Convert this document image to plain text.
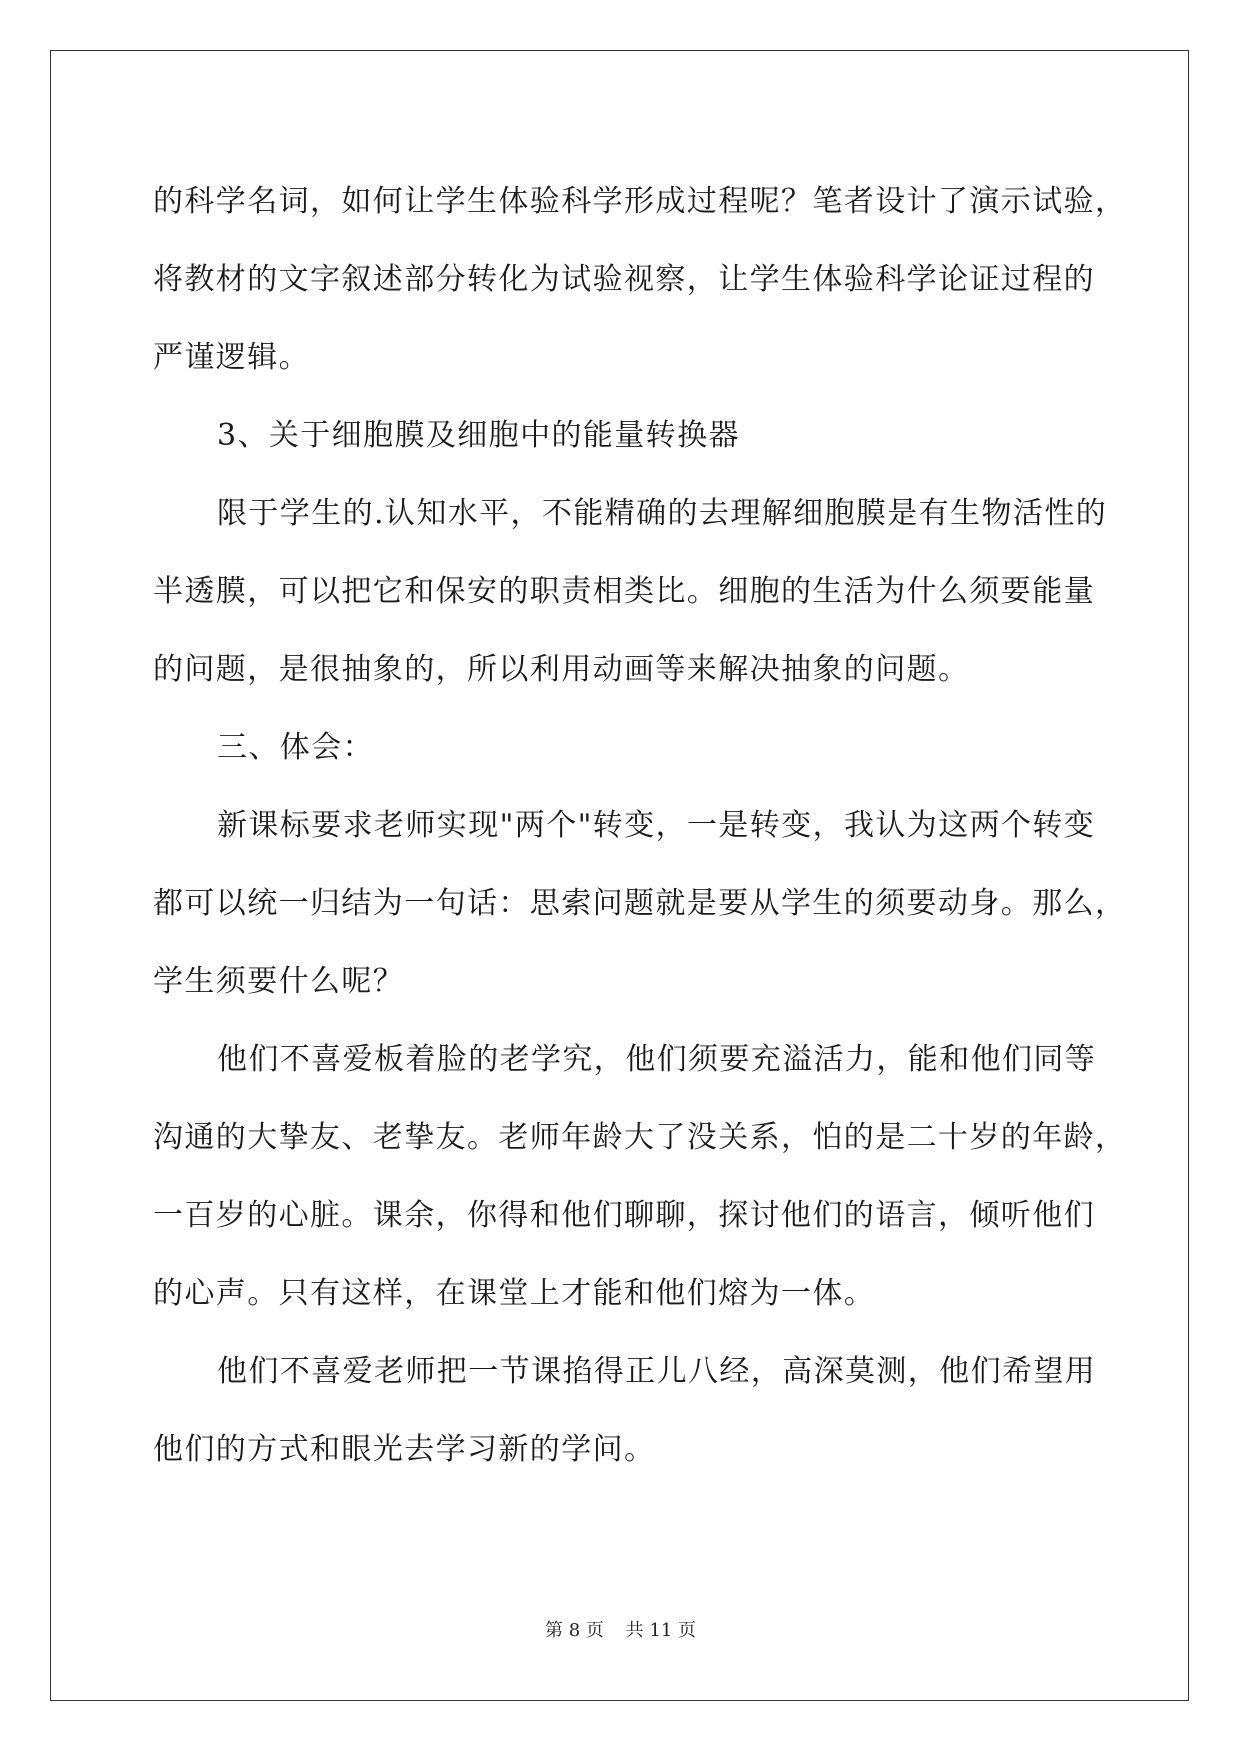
的科学名词，如何让学生体验科学形成过程呢？笔者设计了演示试验，
将教材的文字叙述部分转化为试验视察，让学生体验科学论证过程的
严谨逻辑。
3、关于细胞膜及细胞中的能量转换器
限于学生的.认知水平，不能精确的去理解细胞膜是有生物活性的
半透膜，可以把它和保安的职责相类比。细胞的生活为什么须要能量
的问题，是很抽象的，所以利用动画等来解决抽象的问题。
三、体会：
新课标要求老师实现"两个"转变，一是转变，我认为这两个转变
都可以统一归结为一句话：思索问题就是要从学生的须要动身。那么，
学生须要什么呢？
他们不喜爱板着脸的老学究，他们须要充溢活力，能和他们同等
沟通的大挚友、老挚友。老师年龄大了没关系，怕的是二十岁的年龄，
一百岁的心脏。课余，你得和他们聊聊，探讨他们的语言，倾听他们
的心声。只有这样，在课堂上才能和他们熔为一体。
他们不喜爱老师把一节课掐得正儿八经，高深莫测，他们希望用
他们的方式和眼光去学习新的学问。
第 8 页 共 11 页
